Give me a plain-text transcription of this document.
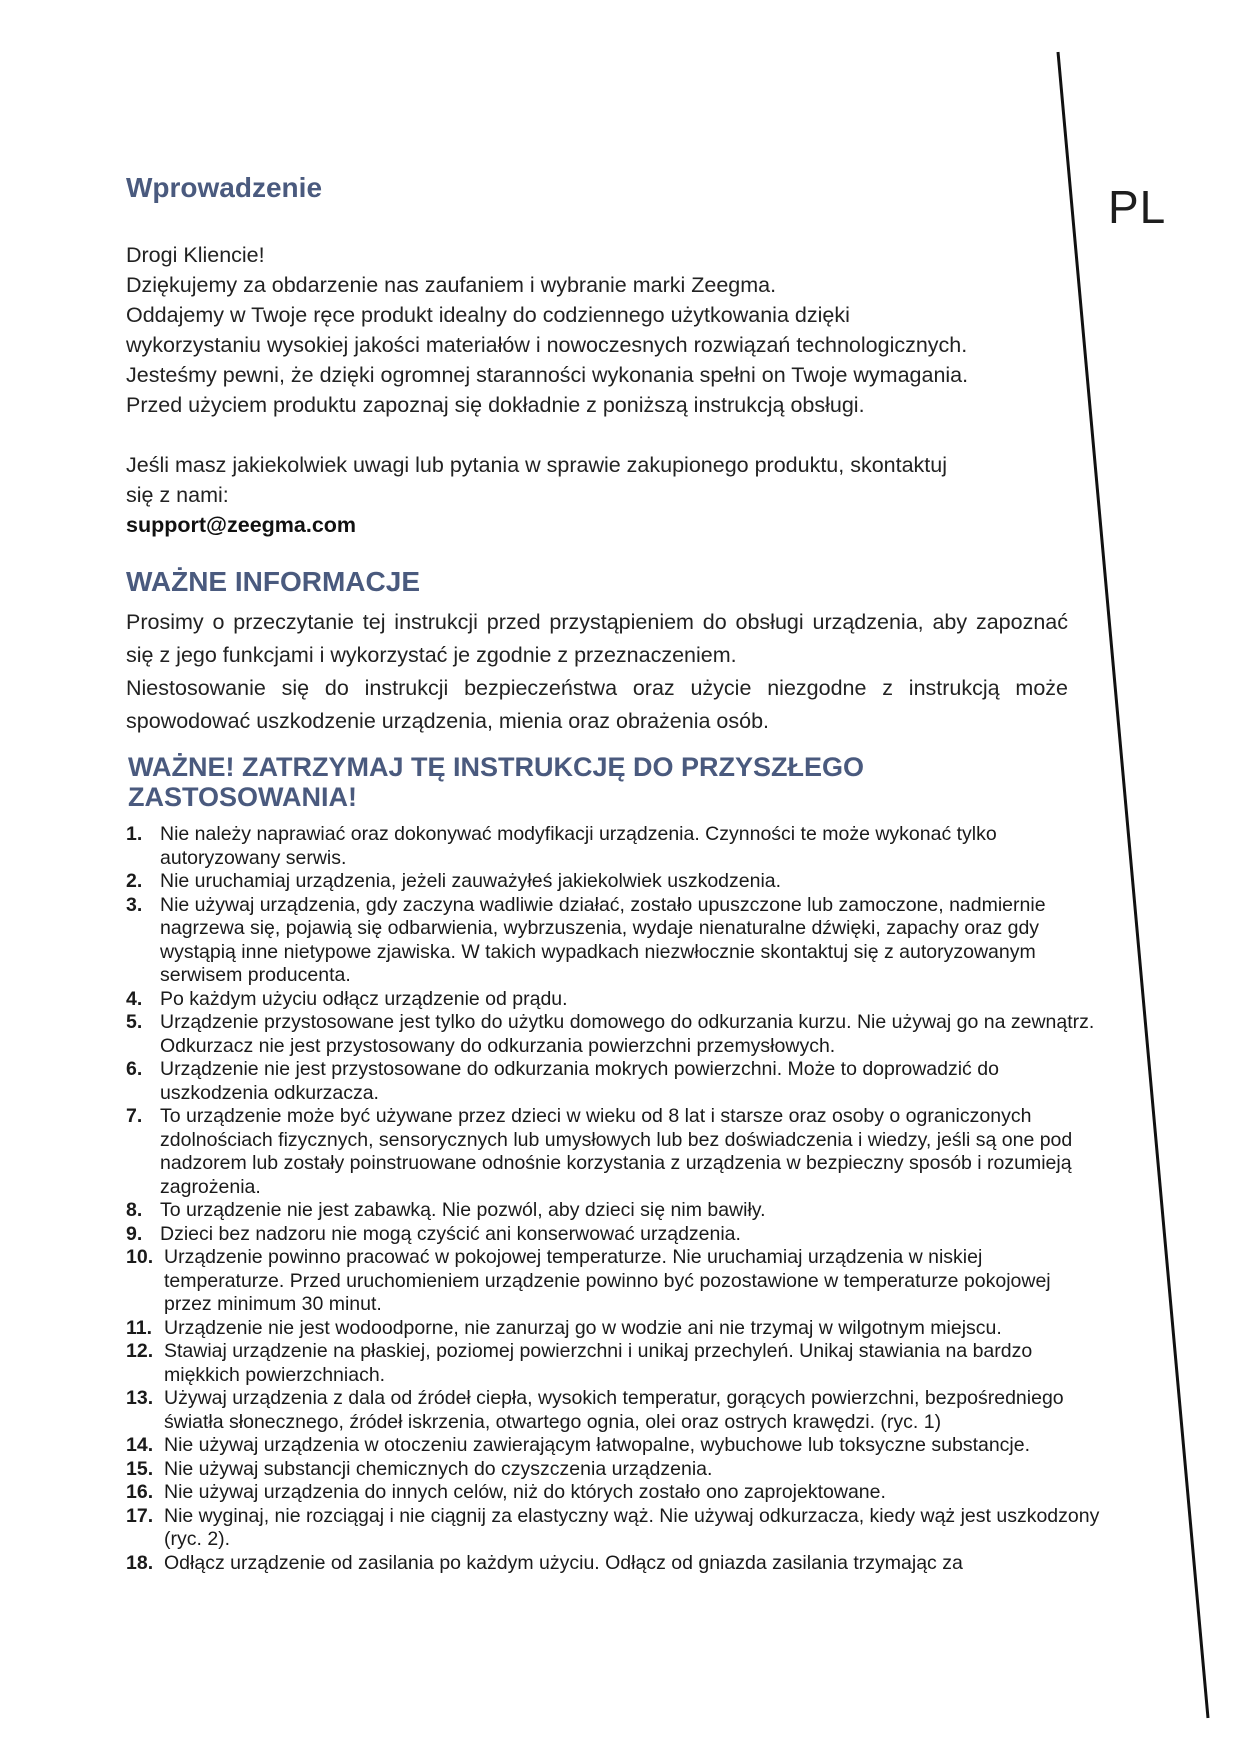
PL
Wprowadzenie

Drogi Kliencie!

Dziękujemy za obdarzenie nas zaufaniem i wybranie marki Zeegma.

Oddajemy w Twoje ręce produkt idealny do codziennego użytkowania dzięki

wykorzystaniu wysokiej jakości materiałów i nowoczesnych rozwiązań technologicznych.

Jesteśmy pewni, że dzięki ogromnej staranności wykonania spełni on Twoje wymagania.

Przed użyciem produktu zapoznaj się dokładnie z poniższą instrukcją obsługi.

Jeśli masz jakiekolwiek uwagi lub pytania w sprawie zakupionego produktu, skontaktuj

się z nami:

support@zeegma.com

WAŻNE INFORMACJE

Prosimy o przeczytanie tej instrukcji przed przystąpieniem do obsługi urządzenia, aby zapoznać się z jego funkcjami i wykorzystać je zgodnie z przeznaczeniem.

Niestosowanie się do instrukcji bezpieczeństwa oraz użycie niezgodne z instrukcją może spowodować uszkodzenie urządzenia, mienia oraz obrażenia osób.

WAŻNE! ZATRZYMAJ TĘ INSTRUKCJĘ DO PRZYSZŁEGO
ZASTOSOWANIA!
1. Nie należy naprawiać oraz dokonywać modyfikacji urządzenia. Czynności te może wykonać tylko autoryzowany serwis.
2. Nie uruchamiaj urządzenia, jeżeli zauważyłeś jakiekolwiek uszkodzenia.
3. Nie używaj urządzenia, gdy zaczyna wadliwie działać, zostało upuszczone lub zamoczone, nadmiernie nagrzewa się, pojawią się odbarwienia, wybrzuszenia, wydaje nienaturalne dźwięki, zapachy oraz gdy wystąpią inne nietypowe zjawiska. W takich wypadkach niezwłocznie skontaktuj się z autoryzowanym serwisem producenta.
4. Po każdym użyciu odłącz urządzenie od prądu.
5. Urządzenie przystosowane jest tylko do użytku domowego do odkurzania kurzu. Nie używaj go na zewnątrz. Odkurzacz nie jest przystosowany do odkurzania powierzchni przemysłowych.
6. Urządzenie nie jest przystosowane do odkurzania mokrych powierzchni. Może to doprowadzić do uszkodzenia odkurzacza.
7. To urządzenie może być używane przez dzieci w wieku od 8 lat i starsze oraz osoby o ograniczonych zdolnościach fizycznych, sensorycznych lub umysłowych lub bez doświadczenia i wiedzy, jeśli są one pod nadzorem lub zostały poinstruowane odnośnie korzystania z urządzenia w bezpieczny sposób i rozumieją zagrożenia.
8. To urządzenie nie jest zabawką. Nie pozwól, aby dzieci się nim bawiły.
9. Dzieci bez nadzoru nie mogą czyścić ani konserwować urządzenia.
10. Urządzenie powinno pracować w pokojowej temperaturze. Nie uruchamiaj urządzenia w niskiej temperaturze. Przed uruchomieniem urządzenie powinno być pozostawione w temperaturze pokojowej przez minimum 30 minut.
11. Urządzenie nie jest wodoodporne, nie zanurzaj go w wodzie ani nie trzymaj w wilgotnym miejscu.
12. Stawiaj urządzenie na płaskiej, poziomej powierzchni i unikaj przechyleń. Unikaj stawiania na bardzo miękkich powierzchniach.
13. Używaj urządzenia z dala od źródeł ciepła, wysokich temperatur, gorących powierzchni, bezpośredniego światła słonecznego, źródeł iskrzenia, otwartego ognia, olei oraz ostrych krawędzi. (ryc. 1)
14. Nie używaj urządzenia w otoczeniu zawierającym łatwopalne, wybuchowe lub toksyczne substancje.
15. Nie używaj substancji chemicznych do czyszczenia urządzenia.
16. Nie używaj urządzenia do innych celów, niż do których zostało ono zaprojektowane.
17. Nie wyginaj, nie rozciągaj i nie ciągnij za elastyczny wąż. Nie używaj odkurzacza, kiedy wąż jest uszkodzony (ryc. 2).
18. Odłącz urządzenie od zasilania po każdym użyciu. Odłącz od gniazda zasilania trzymając za
